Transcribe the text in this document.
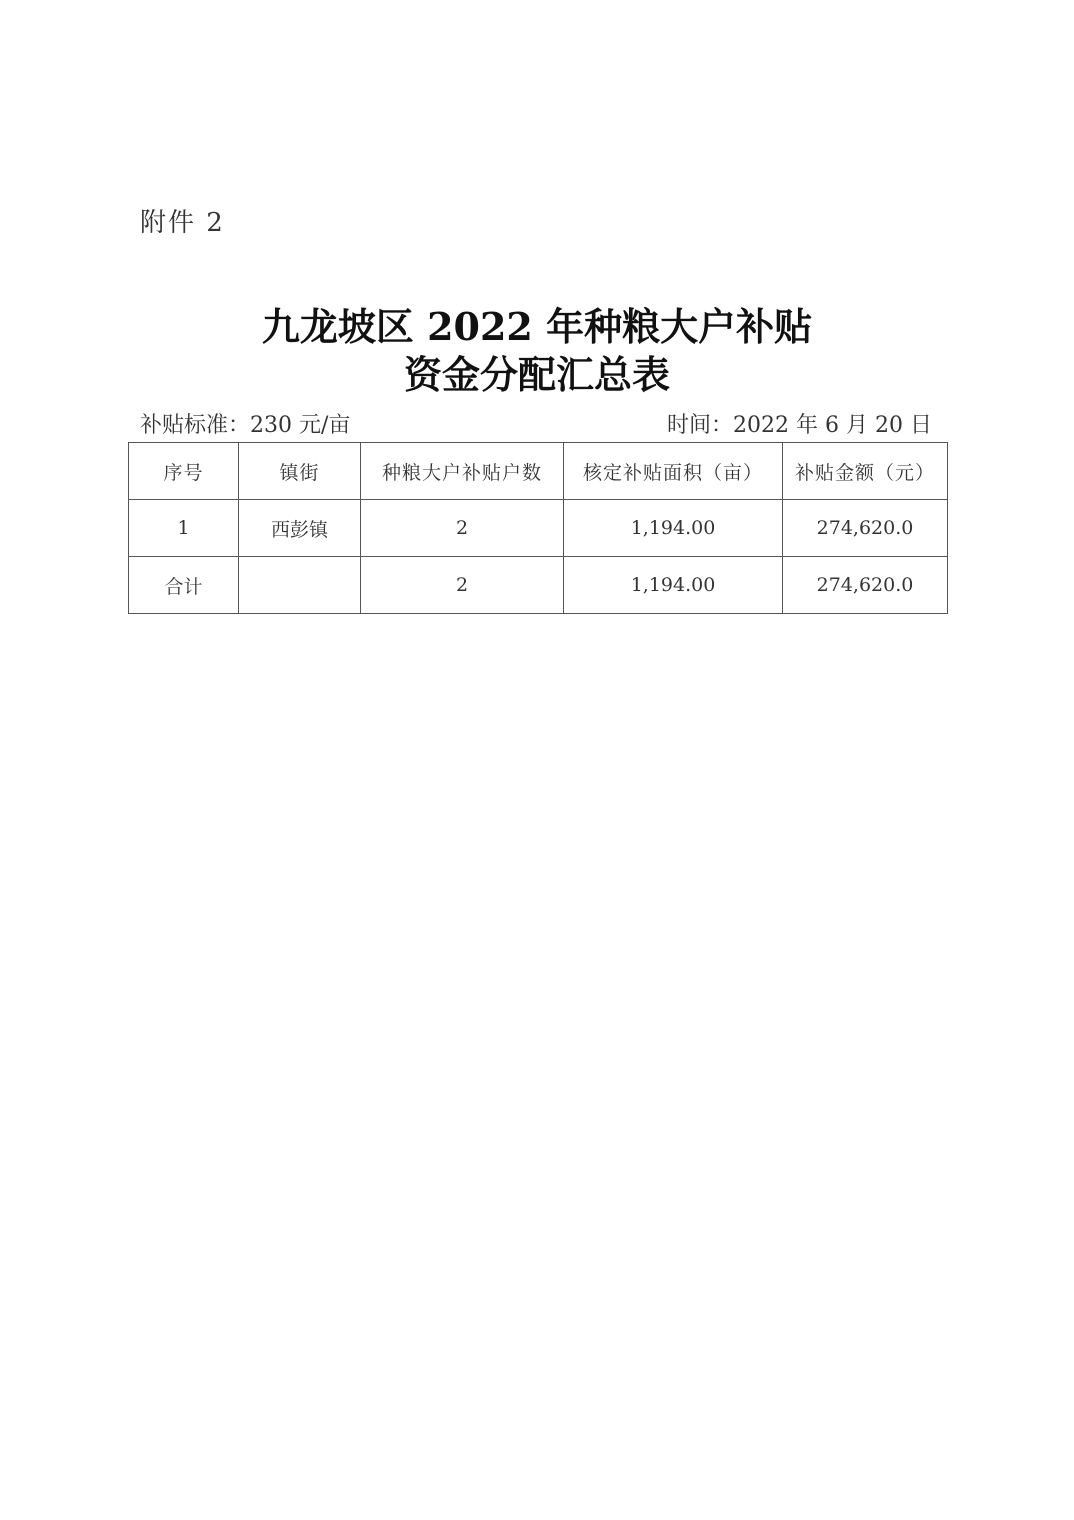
附件 2
九龙坡区 2022 年种粮大户补贴
资金分配汇总表
补贴标准：230 元/亩	时间：2022 年 6 月 20 日
序号	镇街	种粮大户补贴户数	核定补贴面积（亩）	补贴金额（元）
1	西彭镇	2	1,194.00	274,620.0
合计		2	1,194.00	274,620.0
